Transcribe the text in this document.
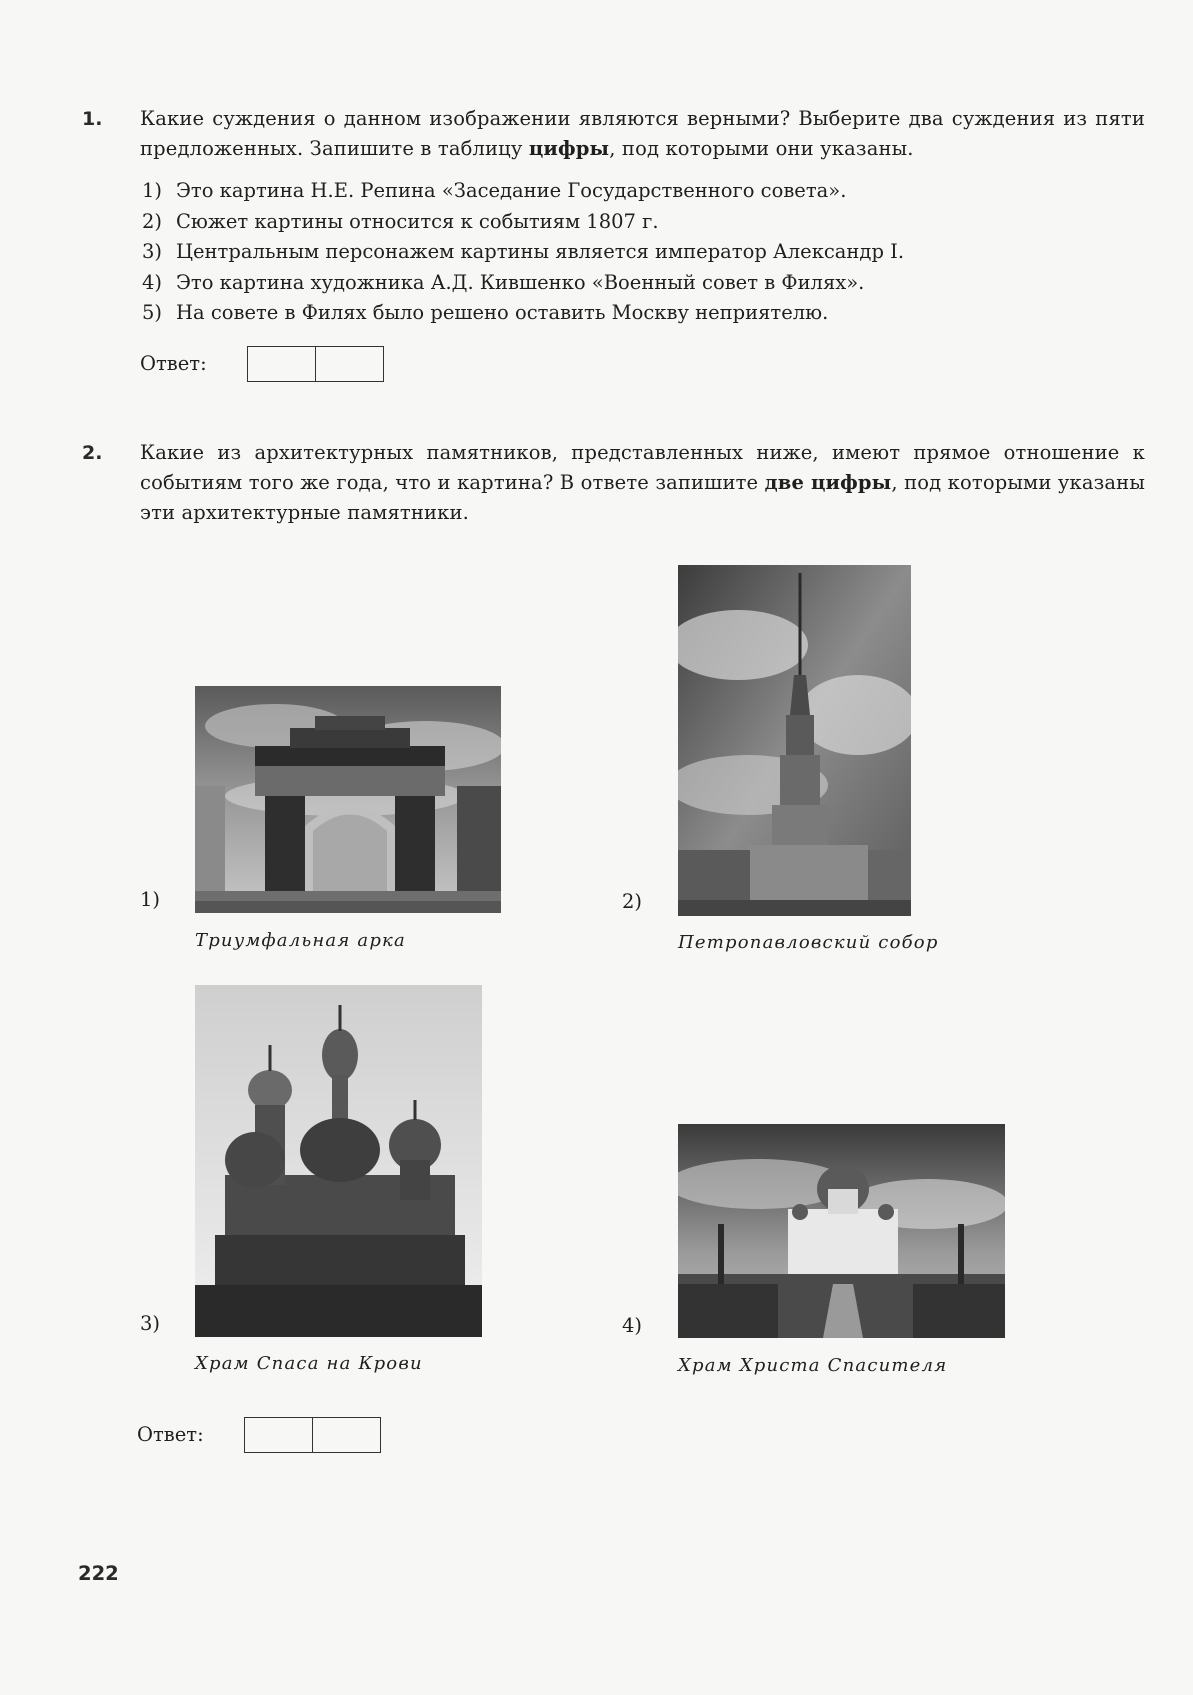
1. Какие суждения о данном изображении являются верными? Выберите два суждения из пяти предложенных. Запишите в таблицу цифры, под которыми они указаны.
1) Это картина Н.Е. Репина «Заседание Государственного совета».
2) Сюжет картины относится к событиям 1807 г.
3) Центральным персонажем картины является император Александр I.
4) Это картина художника А.Д. Кившенко «Военный совет в Филях».
5) На совете в Филях было решено оставить Москву неприятелю.
Ответ:
2. Какие из архитектурных памятников, представленных ниже, имеют прямое отношение к событиям того же года, что и картина? В ответе запишите две цифры, под которыми указаны эти архитектурные памятники.
1)
Триумфальная арка
2)
Петропавловский собор
3)
Храм Спаса на Крови
4)
Храм Христа Спасителя
Ответ:
222
